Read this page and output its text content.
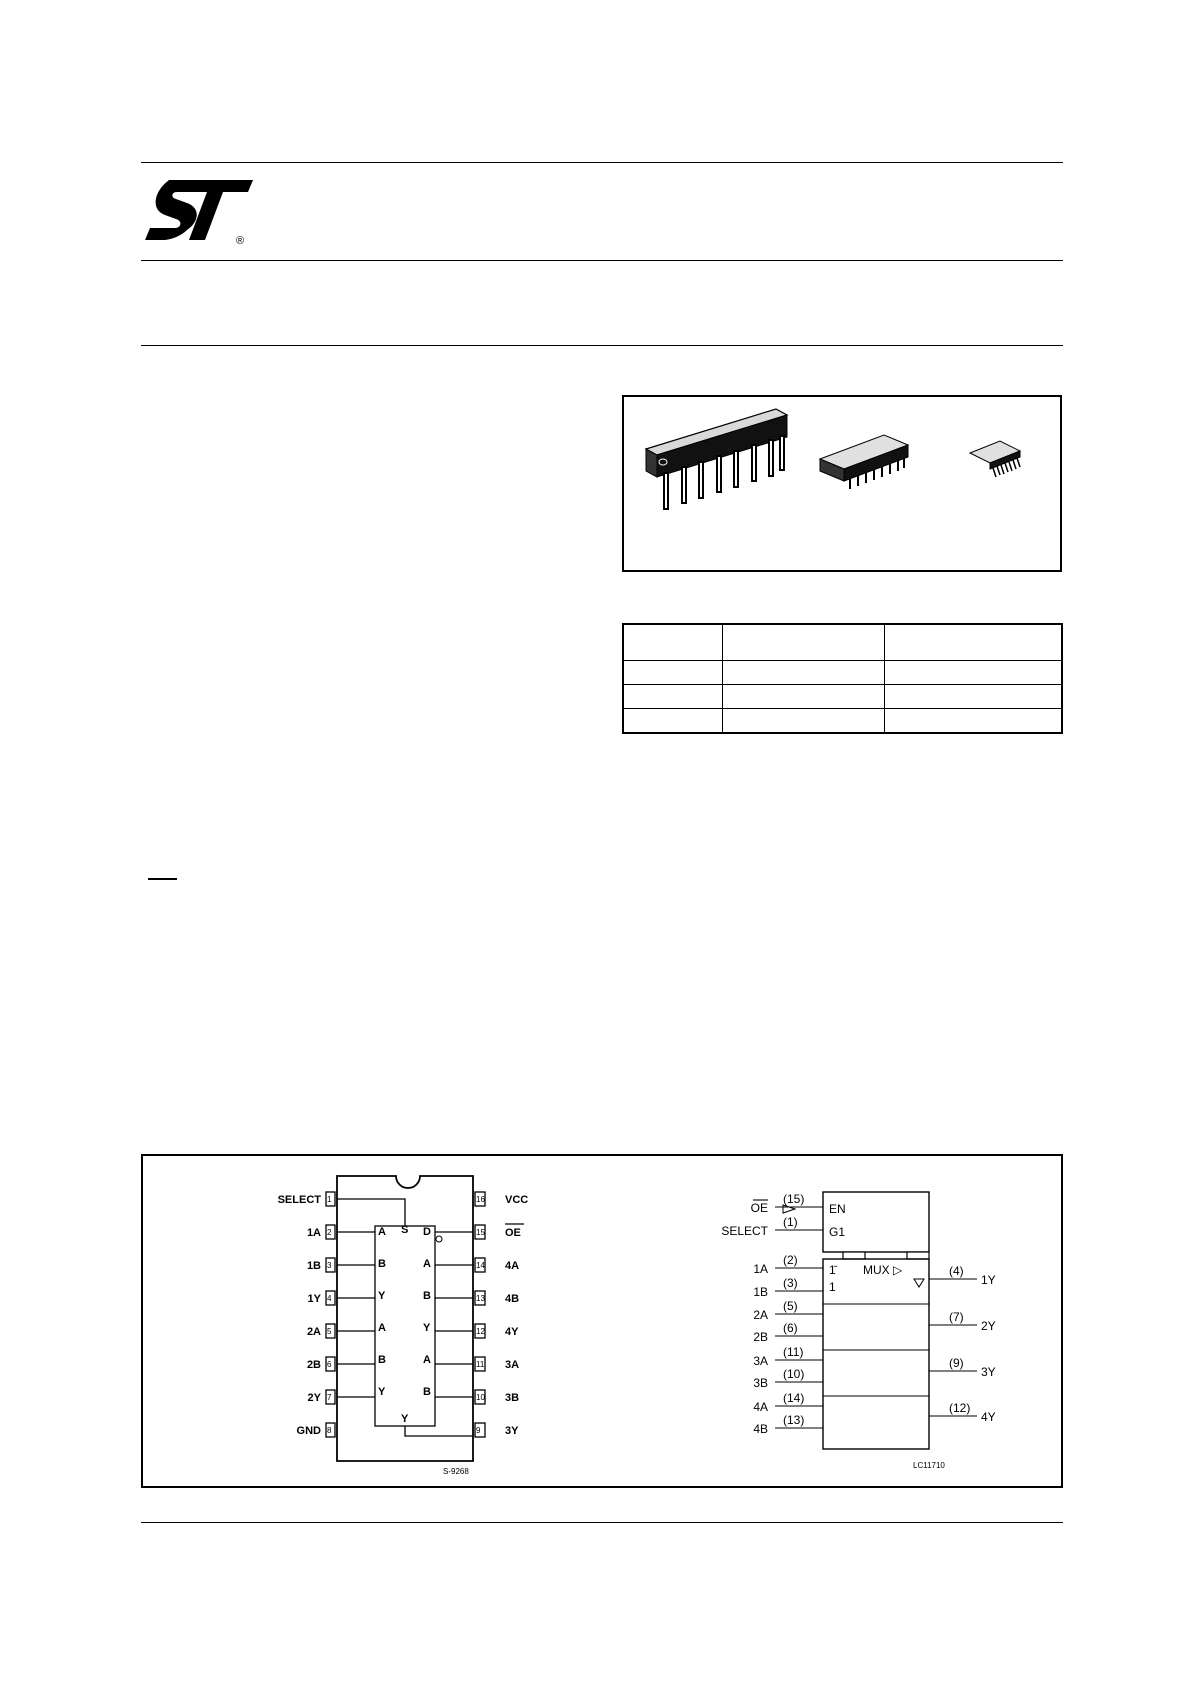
®

1
SELECT
2
1A
3
1B
4
1Y
5
2A
6
2B
7
2Y
8
GND
16 VCC
15 OE
14 4A
13 4B
12 4Y
11 3A
10 3B
9 3Y
A
B
Y
A
B
Y
D
A
B
Y
A
B
S
Y
S-9268
EN
G1
1̄
1
MUX ▷
(15)
OE
(1)
SELECT
(2)
1A
(3)
1B
(5)
2A
(6)
2B
(11)
3A
(10)
3B
(14)
4A
(13)
4B
(4)
1Y
(7)
2Y
(9)
3Y
(12)
4Y
LC11710
